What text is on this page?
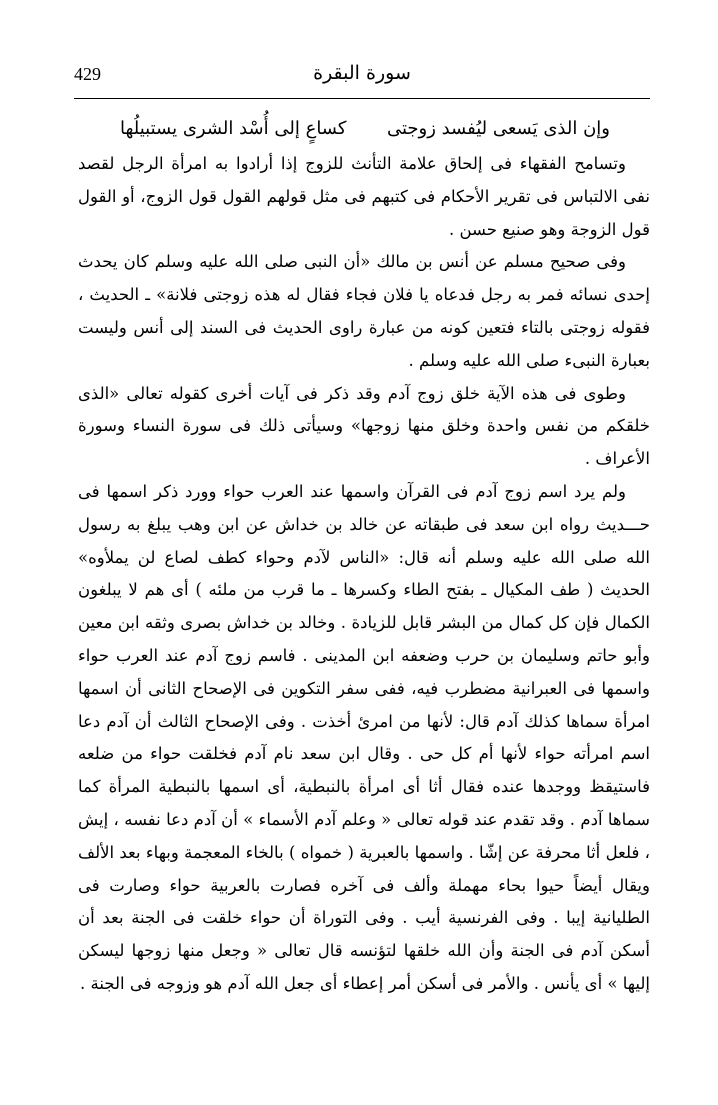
429	سورة البقرة
وإن الذى يَسعى ليُفسد زوجتى
كساعٍ إلى أُسْد الشرى يستبيلُها

وتسامح الفقهاء فى إلحاق علامة التأنث للزوج إذا أرادوا به امرأة الرجل لقصد نفى الالتباس فى تقرير الأحكام فى كتبهم فى مثل قولهم القول قول الزوج، أو القول قول الزوجة وهو صنيع حسن .

وفى صحيح مسلم عن أنس بن مالك «أن النبى صلى الله عليه وسلم كان يحدث إحدى نسائه فمر به رجل فدعاه يا فلان فجاء فقال له هذه زوجتى فلانة» ـ الحديث ، فقوله زوجتى بالتاء فتعين كونه من عبارة راوى الحديث فى السند إلى أنس وليست بعبارة النبىء صلى الله عليه وسلم .

وطوى فى هذه الآية خلق زوج آدم وقد ذكر فى آيات أخرى كقوله تعالى «الذى خلقكم من نفس واحدة وخلق منها زوجها» وسيأتى ذلك فى سورة النساء وسورة الأعراف .

ولم يرد اسم زوج آدم فى القرآن واسمها عند العرب حواء وورد ذكر اسمها فى حـــديث رواه ابن سعد فى طبقاته عن خالد بن خداش عن ابن وهب يبلغ به رسول الله صلى الله عليه وسلم أنه قال: «الناس لآدم وحواء كطف لصاع لن يملأوه» الحديث ( طف المكيال ـ بفتح الطاء وكسرها ـ ما قرب من ملئه ) أى هم لا يبلغون الكمال فإن كل كمال من البشر قابل للزيادة . وخالد بن خداش بصرى وثقه ابن معين وأبو حاتم وسليمان بن حرب وضعفه ابن المدينى . فاسم زوج آدم عند العرب حواء واسمها فى العبرانية مضطرب فيه، ففى سفر التكوين فى الإصحاح الثانى أن اسمها امرأة سماها كذلك آدم قال: لأنها من امرئ أخذت . وفى الإصحاح الثالث أن آدم دعا اسم امرأته حواء لأنها أم كل حى . وقال ابن سعد نام آدم فخلقت حواء من ضلعه فاستيقظ ووجدها عنده فقال أثا أى امرأة بالنبطية، أى اسمها بالنبطية المرأة كما سماها آدم . وقد تقدم عند قوله تعالى « وعلم آدم الأسماء » أن آدم دعا نفسه ، إيش ، فلعل أثا محرفة عن إشّا . واسمها بالعبرية ( خمواه ) بالخاء المعجمة وبهاء بعد الألف ويقال أيضاً حيوا بحاء مهملة وألف فى آخره فصارت بالعربية حواء وصارت فى الطليانية إيبا . وفى الفرنسية أيب . وفى التوراة أن حواء خلقت فى الجنة بعد أن أسكن آدم فى الجنة وأن الله خلقها لتؤنسه قال تعالى « وجعل منها زوجها ليسكن إليها » أى يأنس . والأمر فى أسكن أمر إعطاء أى جعل الله آدم هو وزوجه فى الجنة .
